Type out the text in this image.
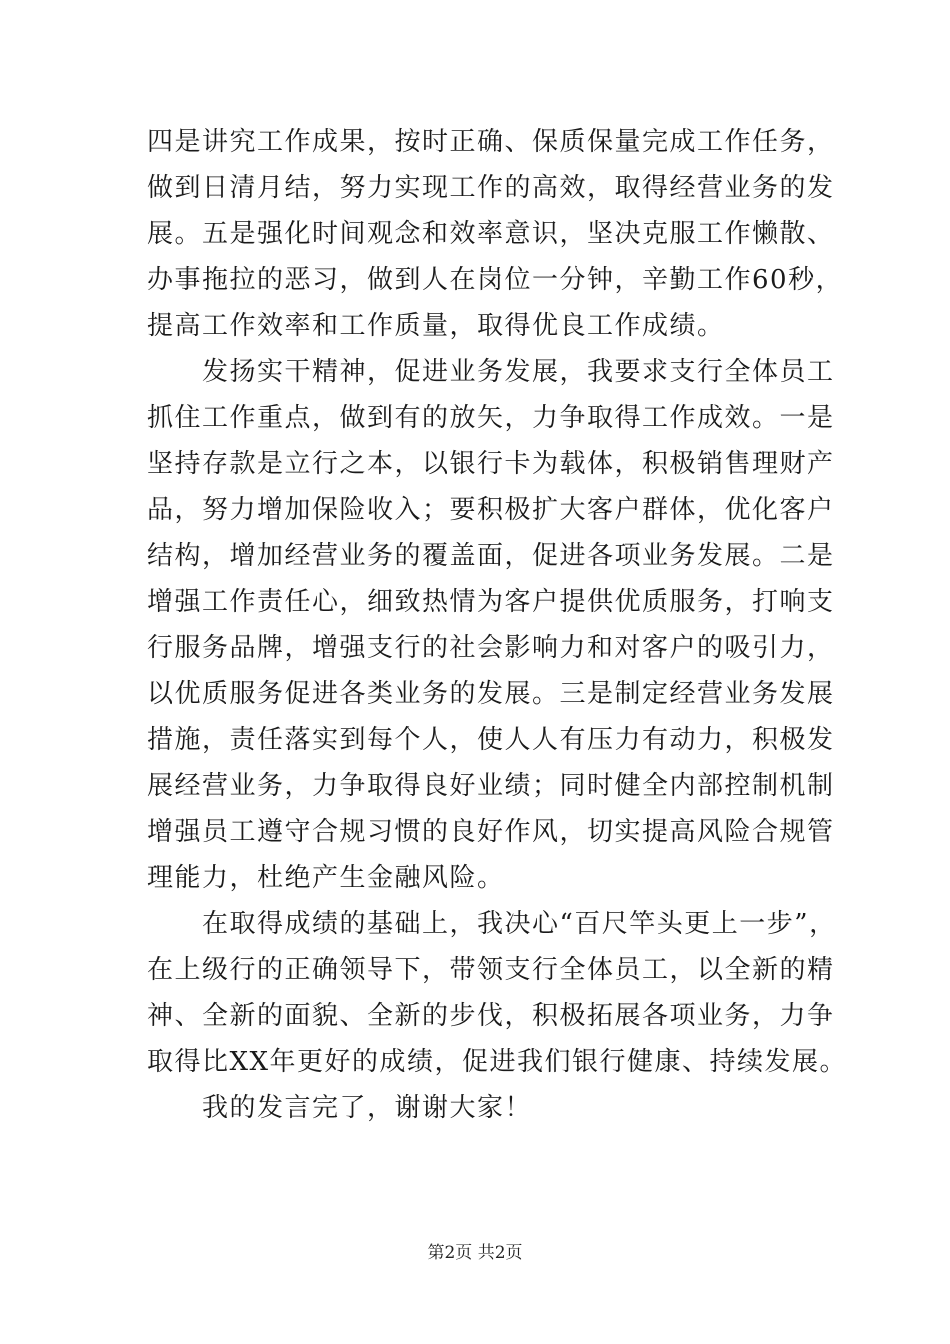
四是讲究工作成果，按时正确、保质保量完成工作任务，
做到日清月结，努力实现工作的高效，取得经营业务的发
展。五是强化时间观念和效率意识，坚决克服工作懒散、
办事拖拉的恶习，做到人在岗位一分钟，辛勤工作60秒，
提高工作效率和工作质量，取得优良工作成绩。
　　发扬实干精神，促进业务发展，我要求支行全体员工
抓住工作重点，做到有的放矢，力争取得工作成效。一是
坚持存款是立行之本，以银行卡为载体，积极销售理财产
品，努力增加保险收入；要积极扩大客户群体，优化客户
结构，增加经营业务的覆盖面，促进各项业务发展。二是
增强工作责任心，细致热情为客户提供优质服务，打响支
行服务品牌，增强支行的社会影响力和对客户的吸引力，
以优质服务促进各类业务的发展。三是制定经营业务发展
措施，责任落实到每个人，使人人有压力有动力，积极发
展经营业务，力争取得良好业绩；同时健全内部控制机制
增强员工遵守合规习惯的良好作风，切实提高风险合规管
理能力，杜绝产生金融风险。
　　在取得成绩的基础上，我决心“百尺竿头更上一步”，
在上级行的正确领导下，带领支行全体员工，以全新的精
神、全新的面貌、全新的步伐，积极拓展各项业务，力争
取得比XX年更好的成绩，促进我们银行健康、持续发展。
　　我的发言完了，谢谢大家！
第2页 共2页
